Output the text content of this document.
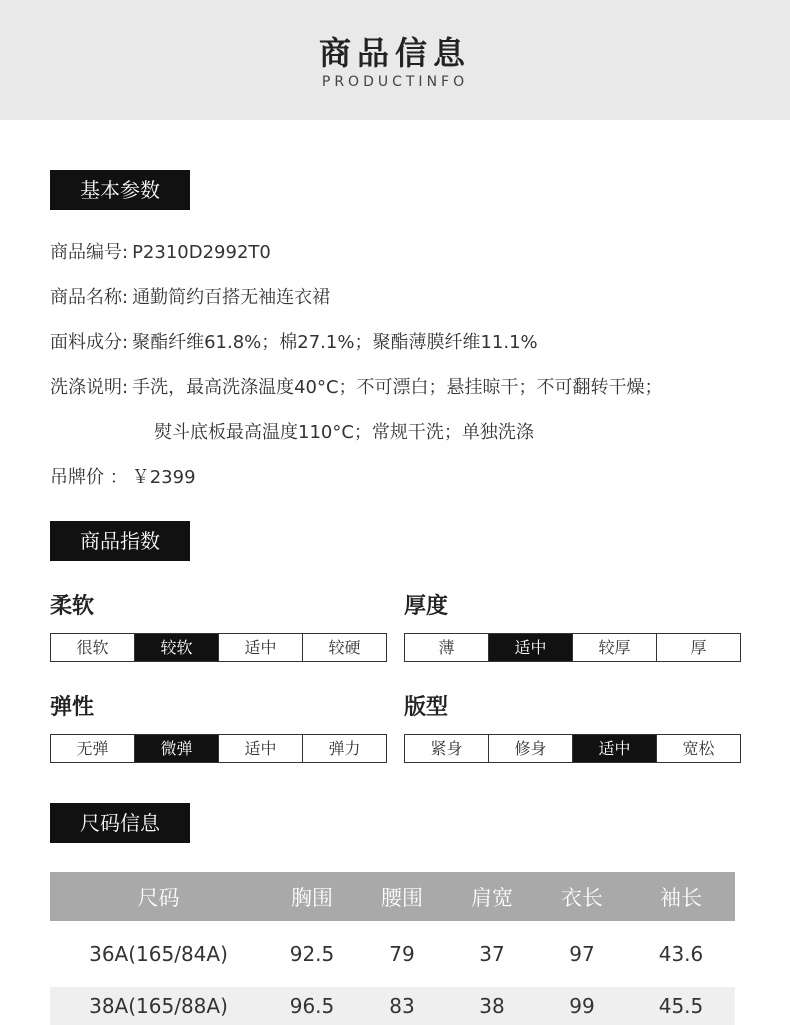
商品信息
PRODUCTINFO
基本参数
商品编号: P2310D2992T0
商品名称: 通勤简约百搭无袖连衣裙
面料成分: 聚酯纤维61.8%；棉27.1%；聚酯薄膜纤维11.1%
洗涤说明: 手洗，最高洗涤温度40°C；不可漂白；悬挂晾干；不可翻转干燥；
熨斗底板最高温度110°C；常规干洗；单独洗涤
吊牌价 ： ￥2399
商品指数
柔软
很软	较软	适中	较硬
厚度
薄	适中	较厚	厚
弹性
无弹	微弹	适中	弹力
版型
紧身	修身	适中	宽松
尺码信息
尺码	胸围	腰围	肩宽	衣长	袖长
36A(165/84A)	92.5	79	37	97	43.6
38A(165/88A)	96.5	83	38	99	45.5
